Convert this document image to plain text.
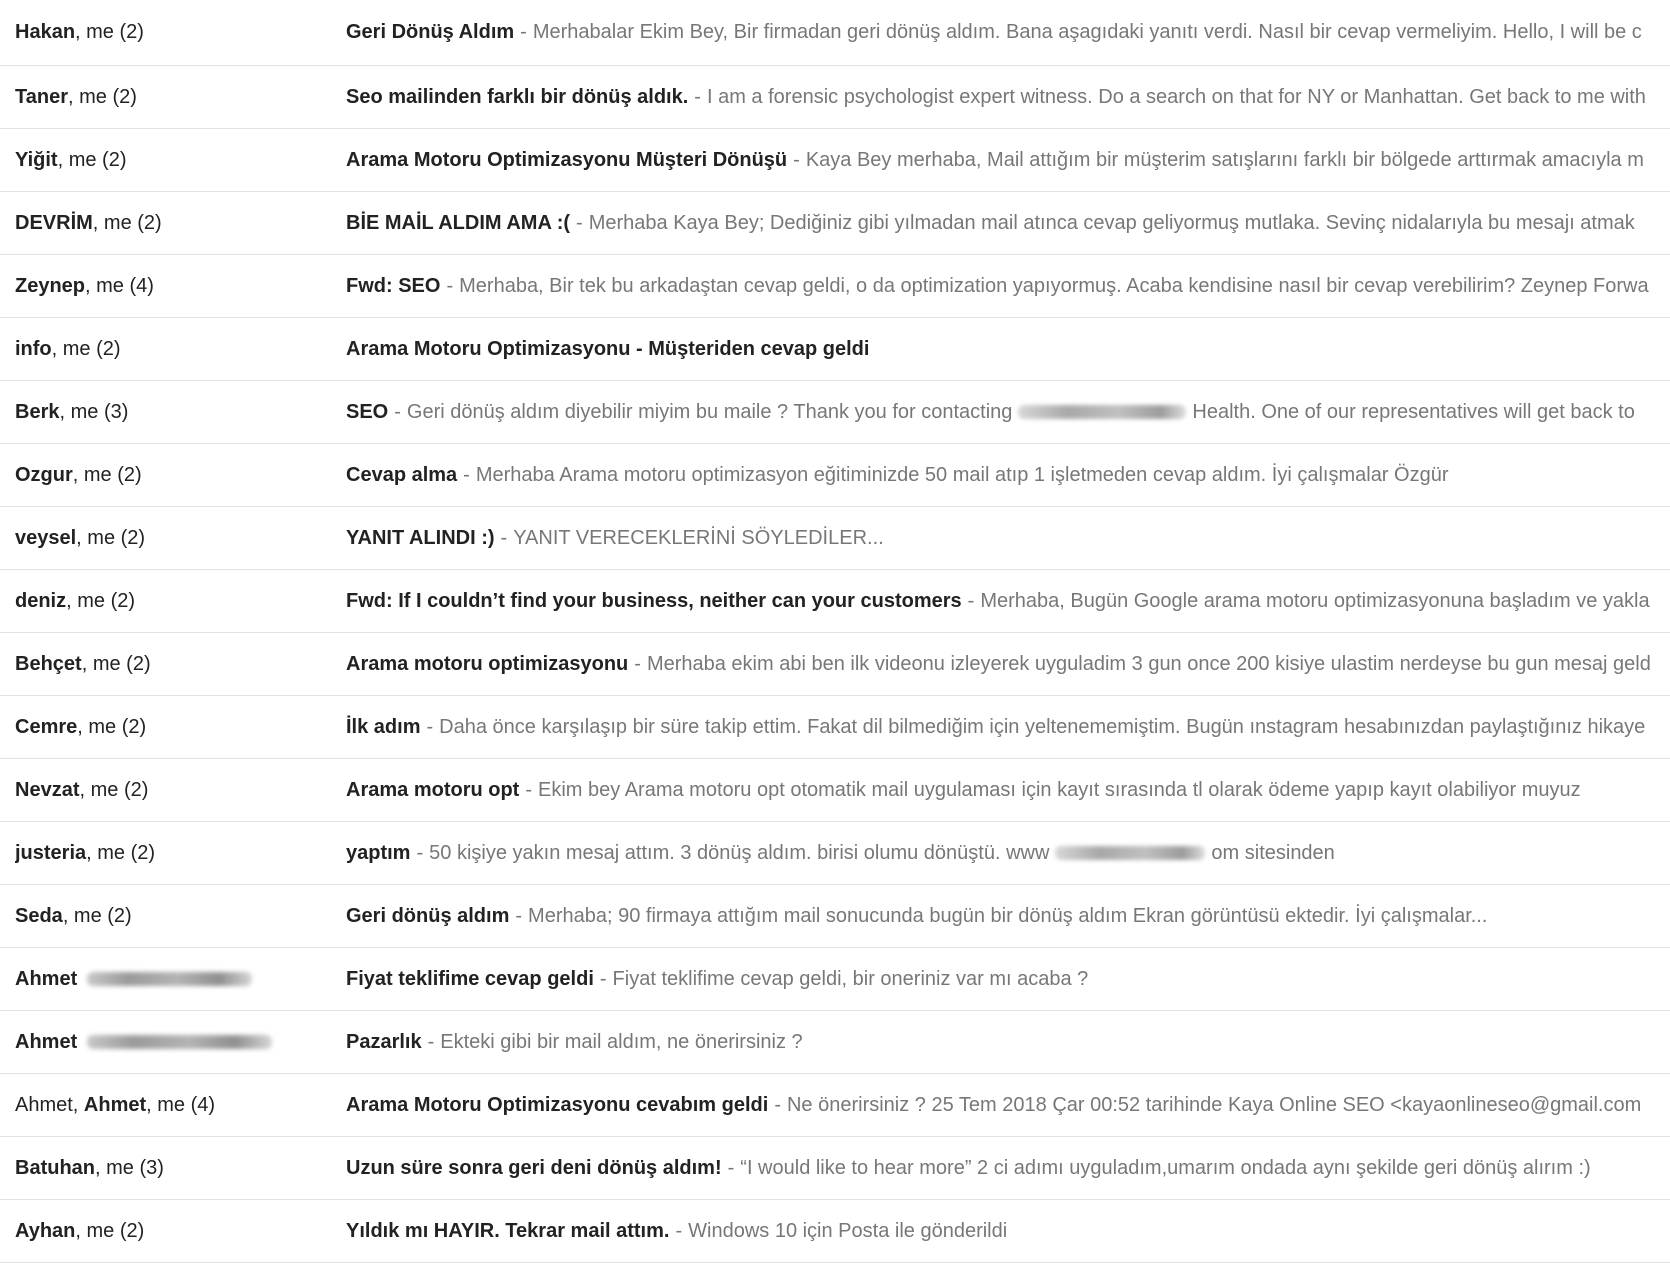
Hakan , me (2)	Geri Dönüş Aldım - Merhabalar Ekim Bey, Bir firmadan geri dönüş aldım. Bana aşagıdaki yanıtı verdi. Nasıl bir cevap vermeliyim. Hello, I will be c
Taner , me (2)	Seo mailinden farklı bir dönüş aldık. - I am a forensic psychologist expert witness. Do a search on that for NY or Manhattan. Get back to me with
Yiğit , me (2)	Arama Motoru Optimizasyonu Müşteri Dönüşü - Kaya Bey merhaba, Mail attığım bir müşterim satışlarını farklı bir bölgede arttırmak amacıyla m
DEVRİM , me (2)	BİE MAİL ALDIM AMA :( - Merhaba Kaya Bey; Dediğiniz gibi yılmadan mail atınca cevap geliyormuş mutlaka. Sevinç nidalarıyla bu mesajı atmak
Zeynep , me (4)	Fwd: SEO - Merhaba, Bir tek bu arkadaştan cevap geldi, o da optimization yapıyormuş. Acaba kendisine nasıl bir cevap verebilirim? Zeynep Forwa
info , me (2)	Arama Motoru Optimizasyonu - Müşteriden cevap geldi
Berk , me (3)	SEO - Geri dönüş aldım diyebilir miyim bu maile ? Thank you for contacting	Health. One of our representatives will get back to
Ozgur , me (2)	Cevap alma - Merhaba Arama motoru optimizasyon eğitiminizde 50 mail atıp 1 işletmeden cevap aldım. İyi çalışmalar Özgür
veysel , me (2)	YANIT ALINDI :) - YANIT VERECEKLERİNİ SÖYLEDİLER...
deniz , me (2)	Fwd: If I couldn’t find your business, neither can your customers - Merhaba, Bugün Google arama motoru optimizasyonuna başladım ve yakla
Behçet , me (2)	Arama motoru optimizasyonu - Merhaba ekim abi ben ilk videonu izleyerek uyguladim 3 gun once 200 kisiye ulastim nerdeyse bu gun mesaj geld
Cemre , me (2)	İlk adım - Daha önce karşılaşıp bir süre takip ettim. Fakat dil bilmediğim için yeltenememiştim. Bugün ınstagram hesabınızdan paylaştığınız hikaye
Nevzat , me (2)	Arama motoru opt - Ekim bey Arama motoru opt otomatik mail uygulaması için kayıt sırasında tl olarak ödeme yapıp kayıt olabiliyor muyuz
justeria , me (2)	yaptım - 50 kişiye yakın mesaj attım. 3 dönüş aldım. birisi olumu dönüştü. www	om sitesinden
Seda , me (2)	Geri dönüş aldım - Merhaba; 90 firmaya attığım mail sonucunda bugün bir dönüş aldım Ekran görüntüsü ektedir. İyi çalışmalar...
Ahmet	Fiyat teklifime cevap geldi - Fiyat teklifime cevap geldi, bir oneriniz var mı acaba ?
Ahmet	Pazarlık - Ekteki gibi bir mail aldım, ne önerirsiniz ?
Ahmet, Ahmet , me (4)	Arama Motoru Optimizasyonu cevabım geldi - Ne önerirsiniz ? 25 Tem 2018 Çar 00:52 tarihinde Kaya Online SEO <kayaonlineseo@gmail.com
Batuhan , me (3)	Uzun süre sonra geri deni dönüş aldım! - “I would like to hear more” 2 ci adımı uyguladım,umarım ondada aynı şekilde geri dönüş alırım :)
Ayhan , me (2)	Yıldık mı HAYIR. Tekrar mail attım. - Windows 10 için Posta ile gönderildi
